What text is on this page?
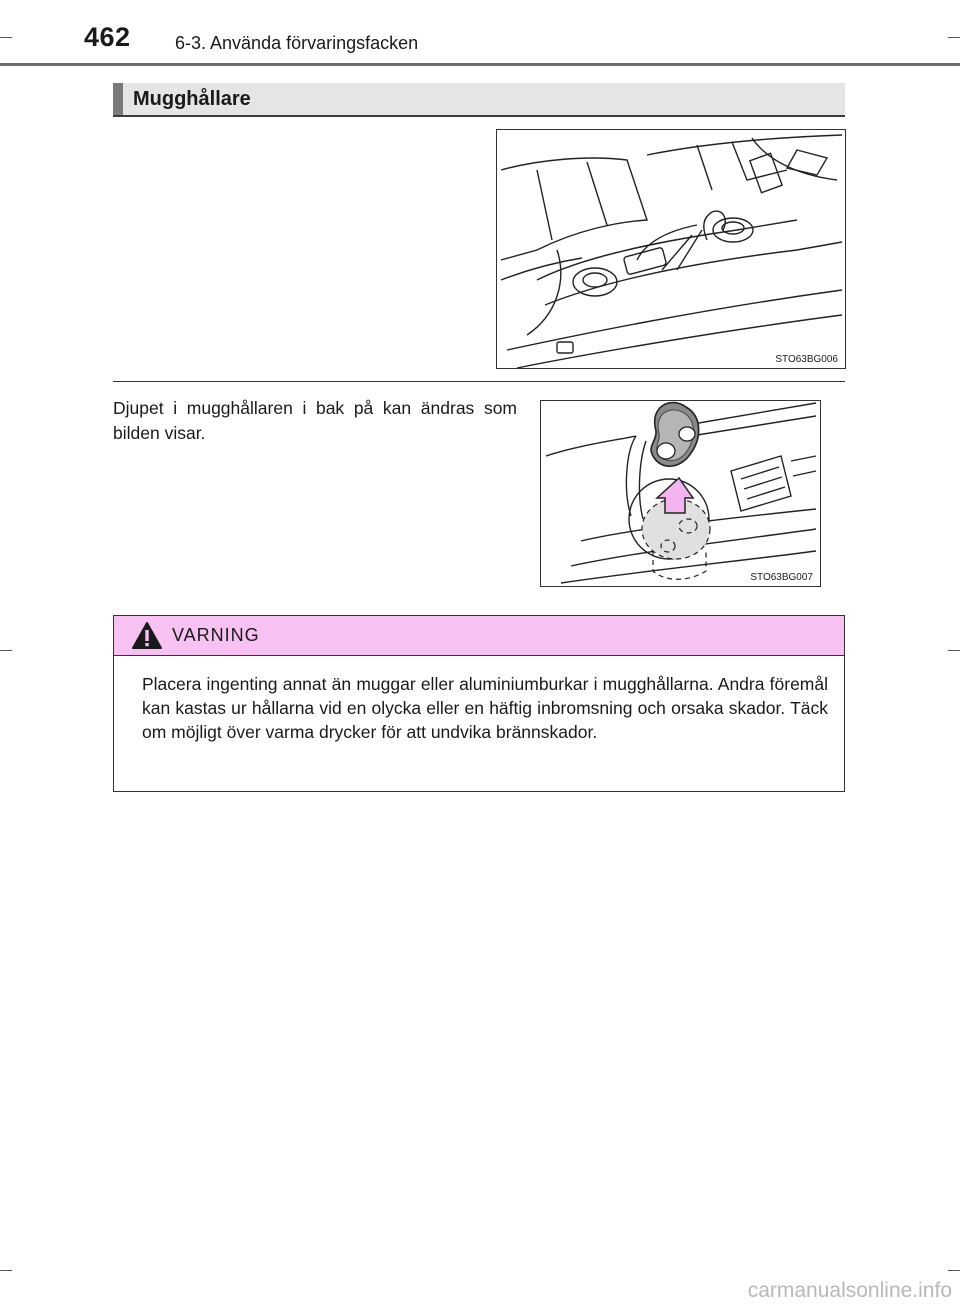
462 6-3. Använda förvaringsfacken
Mugghållare
STO63BG006
Djupet i mugghållaren i bak på kan ändras som bilden visar.
STO63BG007
VARNING

Placera ingenting annat än muggar eller aluminiumburkar i mugghållarna. Andra föremål kan kastas ur hållarna vid en olycka eller en häftig inbromsning och orsaka skador. Täck om möjligt över varma drycker för att undvika brännskador.

carmanualsonline.info
